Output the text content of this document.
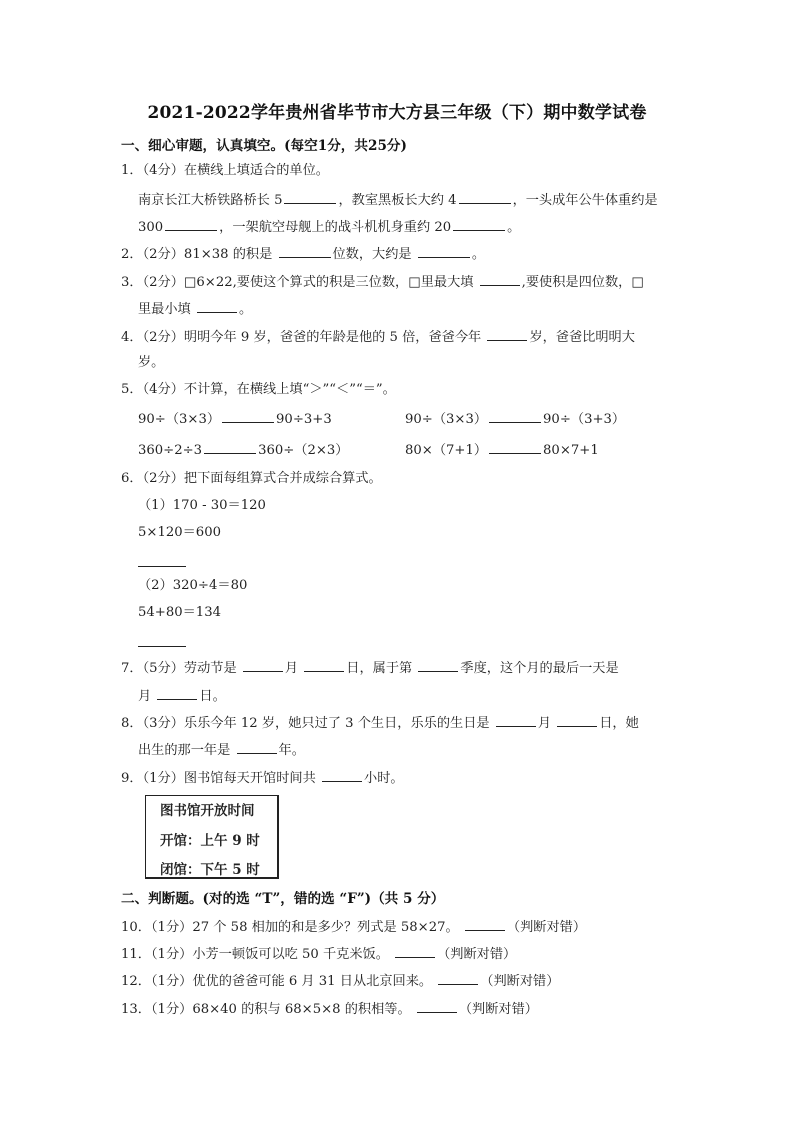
2021-2022学年贵州省毕节市大方县三年级（下）期中数学试卷
一、细心审题，认真填空。(每空1分，共25分)
1．（4分）在横线上填适合的单位。
南京长江大桥铁路桥长 5	，教室黑板长大约 4	，一头成年公牛体重约是
300	，一架航空母舰上的战斗机机身重约 20	。
2．（2分）81×38 的积是	位数，大约是	。
3．（2分）□6×22,要使这个算式的积是三位数，□里最大填	,要使积是四位数，□
里最小填	。
4．（2分）明明今年 9 岁，爸爸的年龄是他的 5 倍，爸爸今年	岁，爸爸比明明大
岁。
5．（4分）不计算，在横线上填“＞”“＜”“＝”。
90÷（3×3）	90÷3+3	90÷（3×3）	90÷（3+3）
360÷2÷3	360÷（2×3）	80×（7+1）	80×7+1
6．（2分）把下面每组算式合并成综合算式。
（1）170 - 30＝120
5×120＝600
（2）320÷4＝80
54+80＝134
7．（5分）劳动节是	月	日，属于第	季度，这个月的最后一天是
月	日。
8．（3分）乐乐今年 12 岁，她只过了 3 个生日，乐乐的生日是	月	日，她
出生的那一年是	年。
9．（1分）图书馆每天开馆时间共	小时。
图书馆开放时间
开馆：上午 9 时
闭馆：下午 5 时
二、判断题。(对的选 “T”，错的选 “F”)（共 5 分）
10．（1分）27 个 58 相加的和是多少？列式是 58×27。	（判断对错）
11．（1分）小芳一顿饭可以吃 50 千克米饭。	（判断对错）
12．（1分）优优的爸爸可能 6 月 31 日从北京回来。	（判断对错）
13．（1分）68×40 的积与 68×5×8 的积相等。	（判断对错）
